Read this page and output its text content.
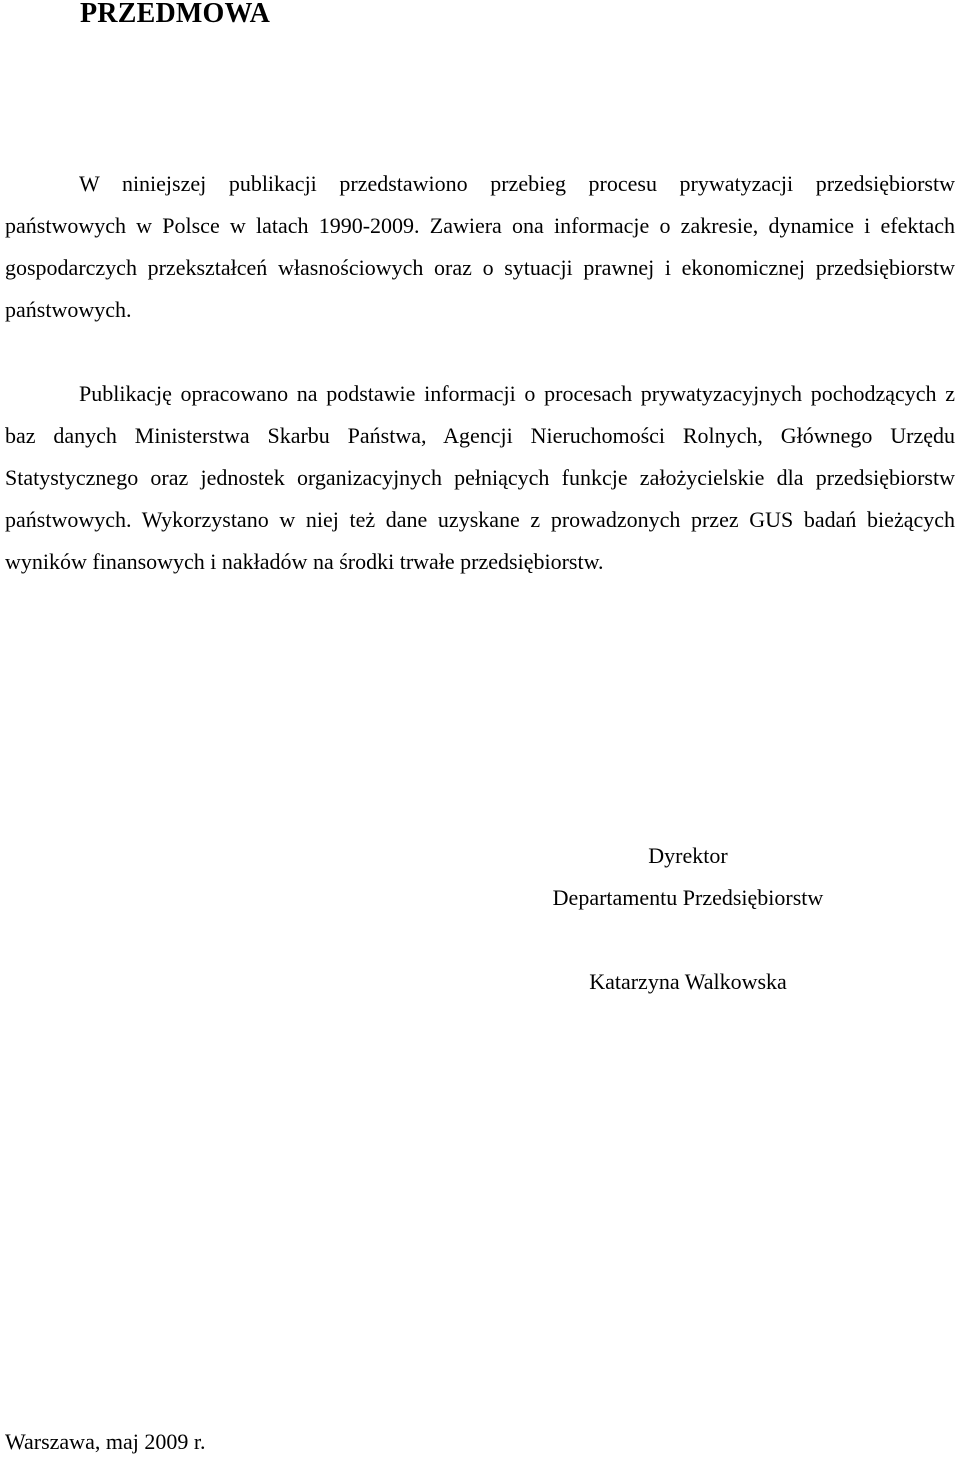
PRZEDMOWA

W niniejszej publikacji przedstawiono przebieg procesu prywatyzacji przedsiębiorstw państwowych w Polsce w latach 1990-2009. Zawiera ona informacje o zakresie, dynamice i efektach gospodarczych przekształceń własnościowych oraz o sytuacji prawnej i ekonomicznej przedsiębiorstw państwowych.

Publikację opracowano na podstawie informacji o procesach prywatyzacyjnych pochodzących z baz danych Ministerstwa Skarbu Państwa, Agencji Nieruchomości Rolnych, Głównego Urzędu Statystycznego oraz jednostek organizacyjnych pełniących funkcje założycielskie dla przedsiębiorstw państwowych. Wykorzystano w niej też dane uzyskane z prowadzonych przez GUS badań bieżących wyników finansowych i nakładów na środki trwałe przedsiębiorstw.

Dyrektor
Departamentu Przedsiębiorstw
Katarzyna Walkowska
Warszawa, maj 2009 r.
